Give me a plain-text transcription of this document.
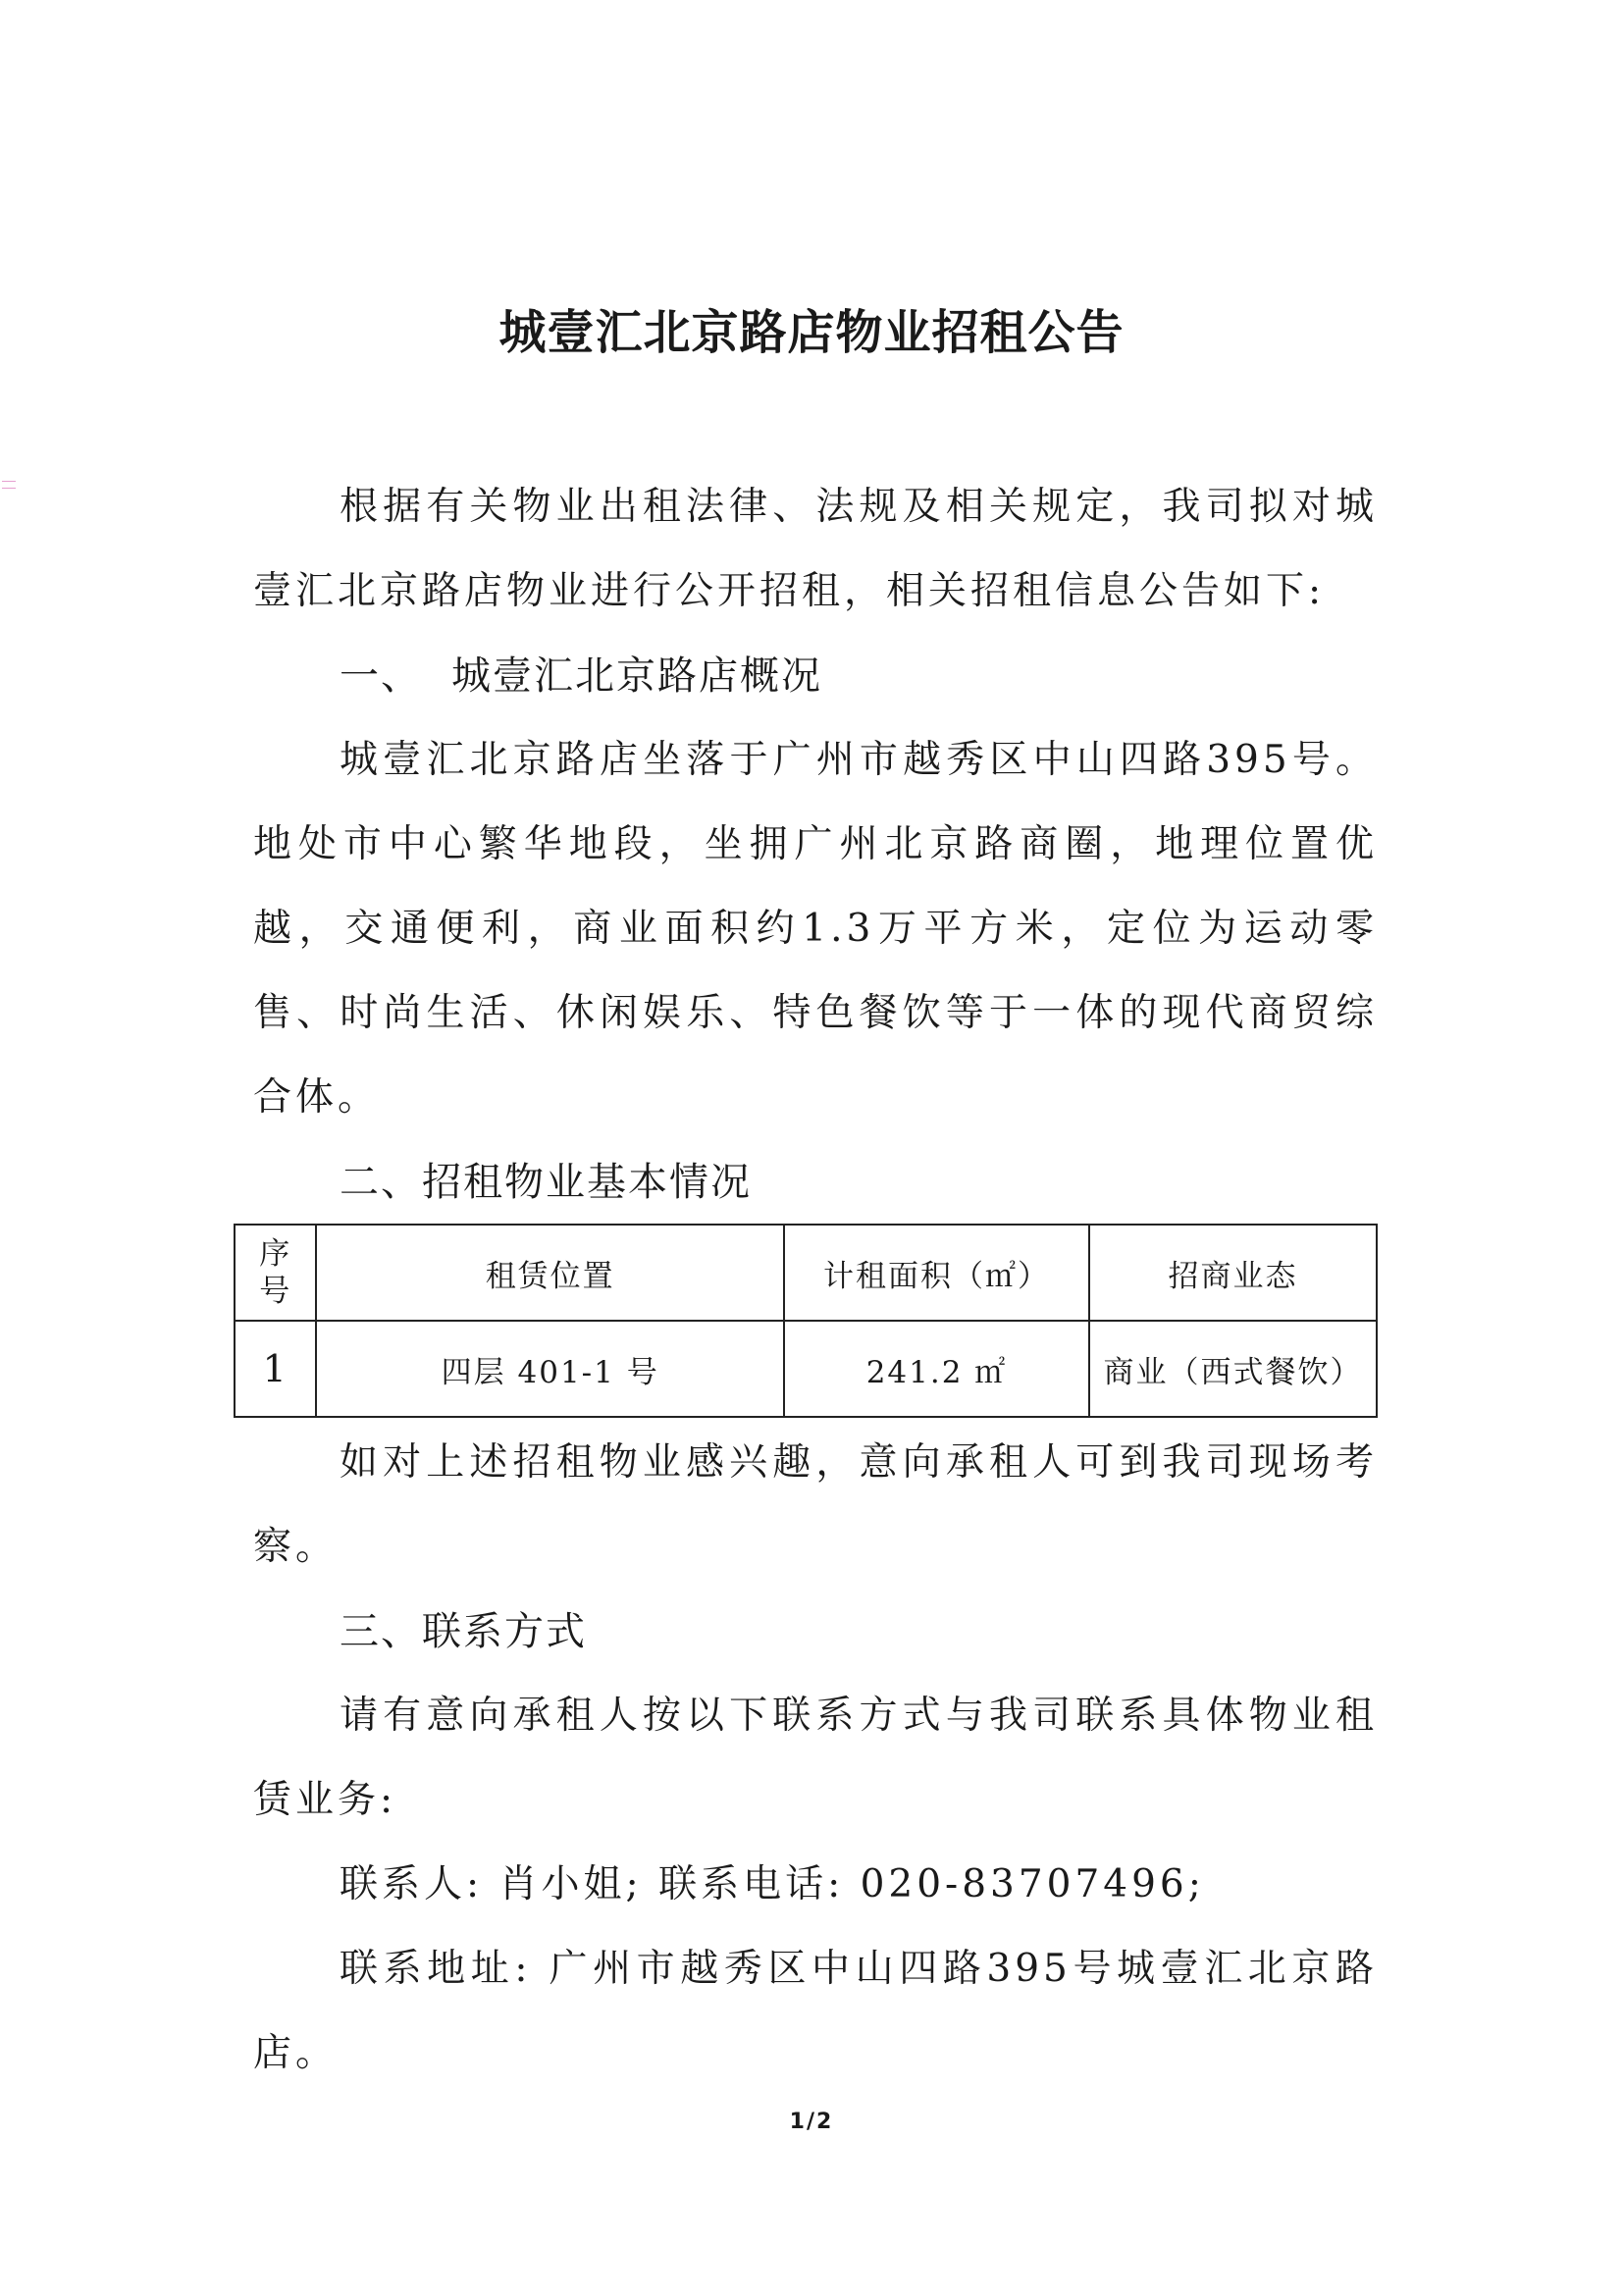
城壹汇北京路店物业招租公告

根据有关物业出租法律、法规及相关规定，我司拟对城壹汇北京路店物业进行公开招租，相关招租信息公告如下:

一、 城壹汇北京路店概况

城壹汇北京路店坐落于广州市越秀区中山四路395号。地处市中心繁华地段，坐拥广州北京路商圈，地理位置优越，交通便利，商业面积约1.3万平方米，定位为运动零售、时尚生活、休闲娱乐、特色餐饮等于一体的现代商贸综合体。

二、招租物业基本情况

序号	租赁位置	计租面积（㎡）	招商业态
1	四层 401-1 号	241.2 ㎡	商业（西式餐饮）

如对上述招租物业感兴趣，意向承租人可到我司现场考察。

三、联系方式

请有意向承租人按以下联系方式与我司联系具体物业租赁业务:

联系人: 肖小姐; 联系电话: 020-83707496;

联系地址: 广州市越秀区中山四路395号城壹汇北京路店。

1/2
